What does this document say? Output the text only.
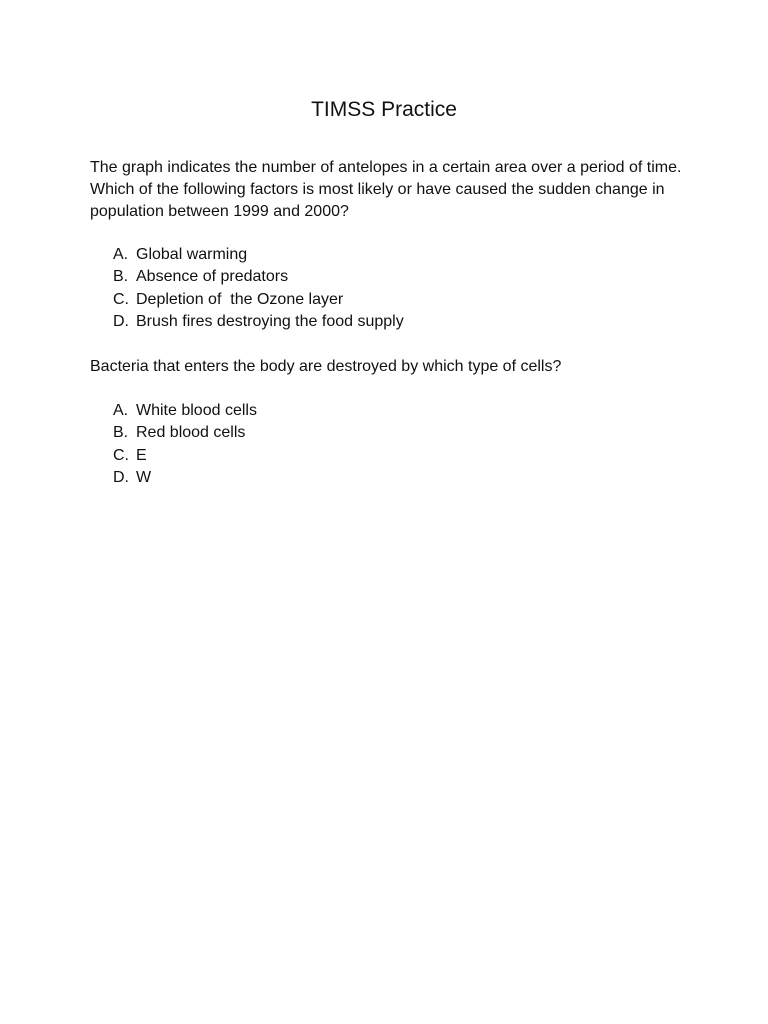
TIMSS Practice

The graph indicates the number of antelopes in a certain area over a period of time. Which of the following factors is most likely or have caused the sudden change in population between 1999 and 2000?

A. Global warming
B. Absence of predators
C. Depletion of  the Ozone layer
D. Brush fires destroying the food supply

Bacteria that enters the body are destroyed by which type of cells?

A. White blood cells
B. Red blood cells
C. E
D. W
